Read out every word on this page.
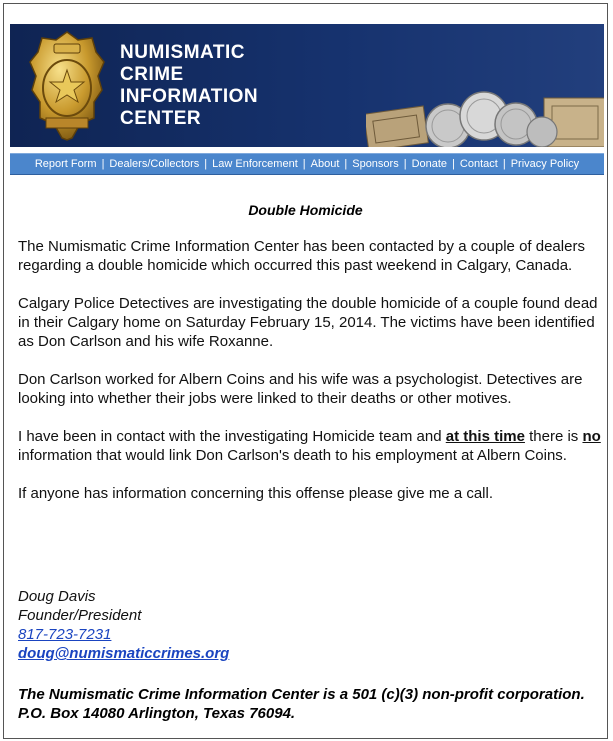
NUMISMATIC
CRIME
INFORMATION
CENTER
Report Form | Dealers/Collectors | Law Enforcement | About | Sponsors | Donate | Contact | Privacy Policy
Double Homicide

The Numismatic Crime Information Center has been contacted by a couple of dealers regarding a double homicide which occurred this past weekend in Calgary, Canada.

Calgary Police Detectives are investigating the double homicide of a couple found dead in their Calgary home on Saturday February 15, 2014. The victims have been identified as Don Carlson and his wife Roxanne.

Don Carlson worked for Albern Coins and his wife was a psychologist. Detectives are looking into whether their jobs were linked to their deaths or other motives.

I have been in contact with the investigating Homicide team and at this time there is no information that would link Don Carlson's death to his employment at Albern Coins.

If anyone has information concerning this offense please give me a call.

Doug Davis
Founder/President
817-723-7231
doug@numismaticcrimes.org
The Numismatic Crime Information Center is a 501 (c)(3) non-profit corporation. P.O. Box 14080 Arlington, Texas 76094.
